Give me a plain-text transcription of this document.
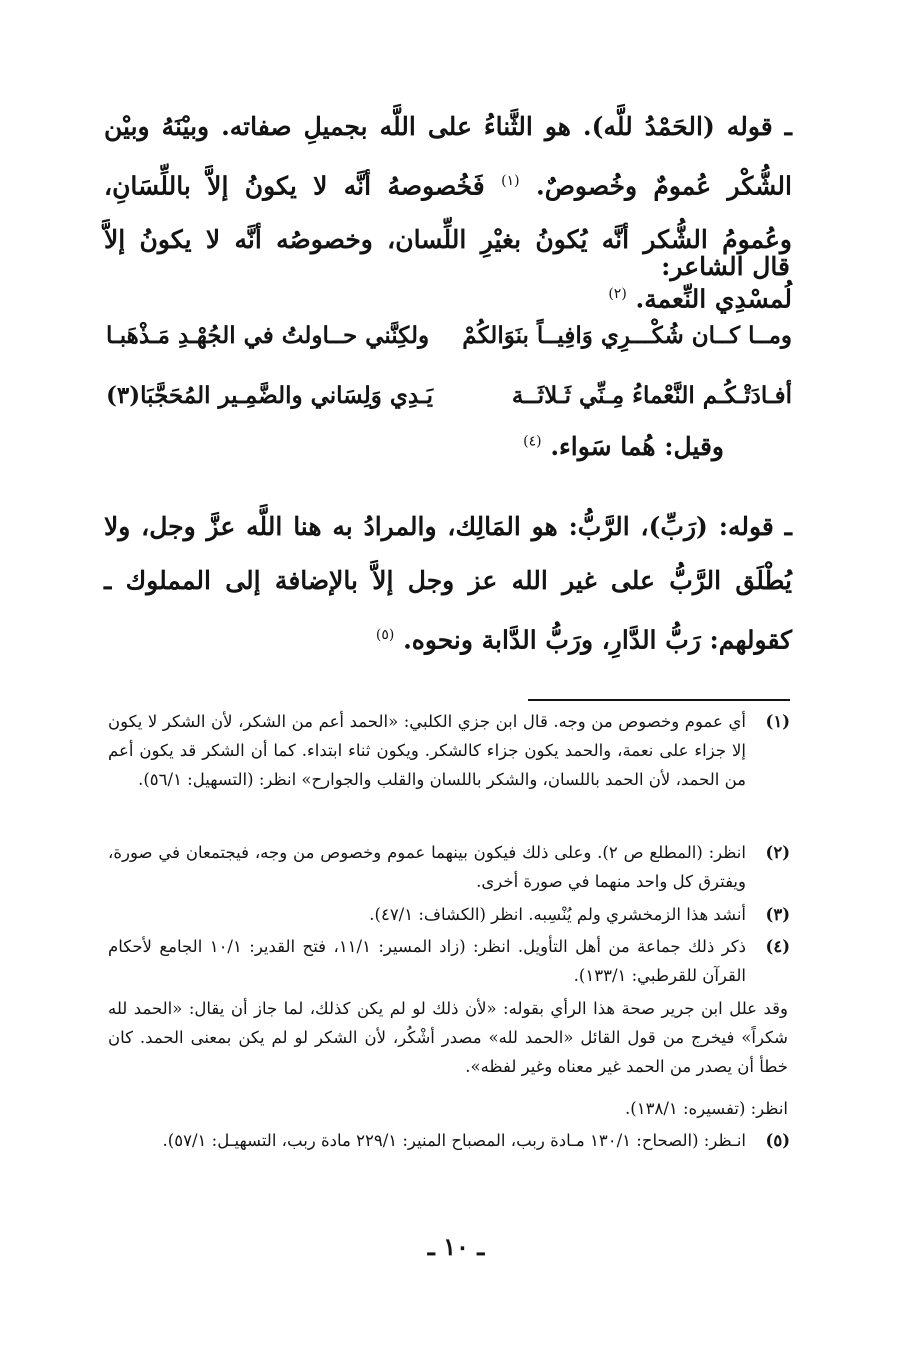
ـ قوله (الحَمْدُ للَّه). هو الثَّناءُ على اللَّه بجميلِ صفاته. وبيْنَهُ وبيْن الشُّكْر عُمومٌ وخُصوصٌ. $^{(١)}$ فَخُصوصهُ أنَّه لا يكونُ إلاَّ باللِّسَانِ، وعُمومُ الشُّكر أنَّه يُكونُ بغيْرِ اللِّسان، وخصوصُه أنَّه لا يكونُ إلاَّ لُمسْدِي النِّعمة. $^{(٢)}$
قال الشاعر:
ومــا كــان شُكْـــرِي وَافِيــاً بنَوَالكُمْ
ولكِنَّني حــاولتُ في الجُهْـدِ مَـذْهَبـا
أفـادَتْـكُـم النَّعْماءُ مِـنِّي ثَـلاثَــة
يَـدِي وَلِسَاني والضَّمِـير المُحَجَّبَا(٣)
وقيل: هُما سَواء. $^{(٤)}$
ـ قوله: (رَبِّ)، الرَّبُّ: هو المَالِك، والمرادُ به هنا اللَّه عزَّ وجل، ولا يُطْلَق الرَّبُّ على غير الله عز وجل إلاَّ بالإضافة إلى المملوك ـ كقولهم: رَبُّ الدَّارِ، ورَبُّ الدَّابة ونحوه. $^{(٥)}$
(١)
أي عموم وخصوص من وجه. قال ابن جزي الكلبي: «الحمد أعم من الشكر، لأن الشكر لا يكون إلا جزاء على نعمة، والحمد يكون جزاء كالشكر. ويكون ثناء ابتداء. كما أن الشكر قد يكون أعم من الحمد، لأن الحمد باللسان، والشكر باللسان والقلب والجوارح» انظر: (التسهيل: ٥٦/١).
(٢)
انظر: (المطلع ص ٢). وعلى ذلك فيكون بينهما عموم وخصوص من وجه، فيجتمعان في صورة، ويفترق كل واحد منهما في صورة أخرى.
(٣)
أنشد هذا الزمخشري ولم يُنْسِبه. انظر (الكشاف: ٤٧/١).
(٤)
ذكر ذلك جماعة من أهل التأويل. انظر: (زاد المسير: ١١/١، فتح القدير: ١٠/١ الجامع لأحكام القرآن للقرطبي: ١٣٣/١).
وقد علل ابن جرير صحة هذا الرأي بقوله: «لأن ذلك لو لم يكن كذلك، لما جاز أن يقال: «الحمد لله شكراً» فيخرج من قول القائل «الحمد لله» مصدر أشْكُر، لأن الشكر لو لم يكن بمعنى الحمد. كان خطأ أن يصدر من الحمد غير معناه وغير لفظه».
انظر: (تفسيره: ١٣٨/١).
(٥)
انـظر: (الصحاح: ١٣٠/١ مـادة ربب، المصباح المنير: ٢٢٩/١ مادة ربب، التسهيـل: ٥٧/١).
ـ ١٠ ـ
